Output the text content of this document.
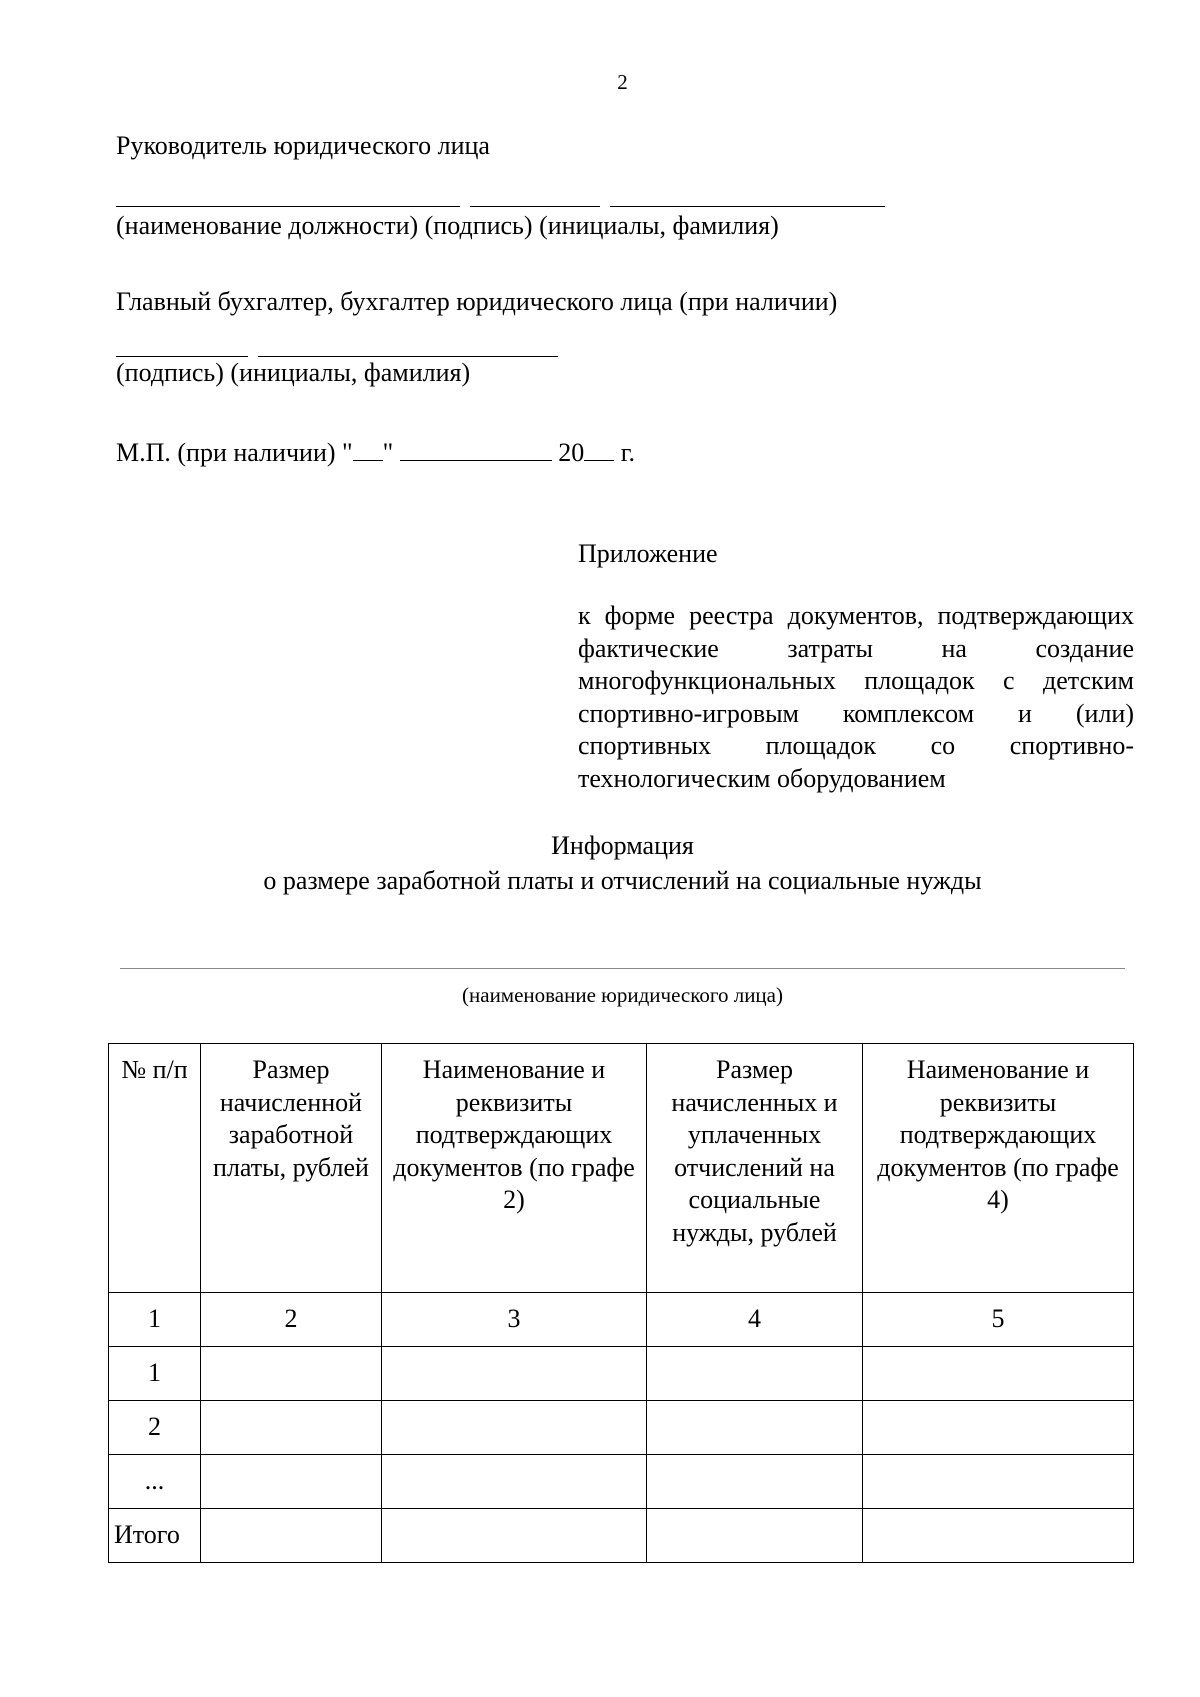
2
Руководитель юридического лица

(наименование должности) (подпись) (инициалы, фамилия)
Главный бухгалтер, бухгалтер юридического лица (при наличии)

(подпись) (инициалы, фамилия)
М.П. (при наличии) " "	20 г.
Приложение
к форме реестра документов, подтверждающих фактические затраты на создание многофункциональных площадок с детским спортивно-игровым комплексом и (или) спортивных площадок со спортивно-технологическим оборудованием
Информация
о размере заработной платы и отчислений на социальные нужды
(наименование юридического лица)
№ п/п	Размер начисленной заработной платы, рублей	Наименование и реквизиты подтверждающих документов (по графе 2)	Размер начисленных и уплаченных отчислений на социальные нужды, рублей	Наименование и реквизиты подтверждающих документов (по графе 4)
1	2	3	4	5
1				
2				
...				
Итого				
